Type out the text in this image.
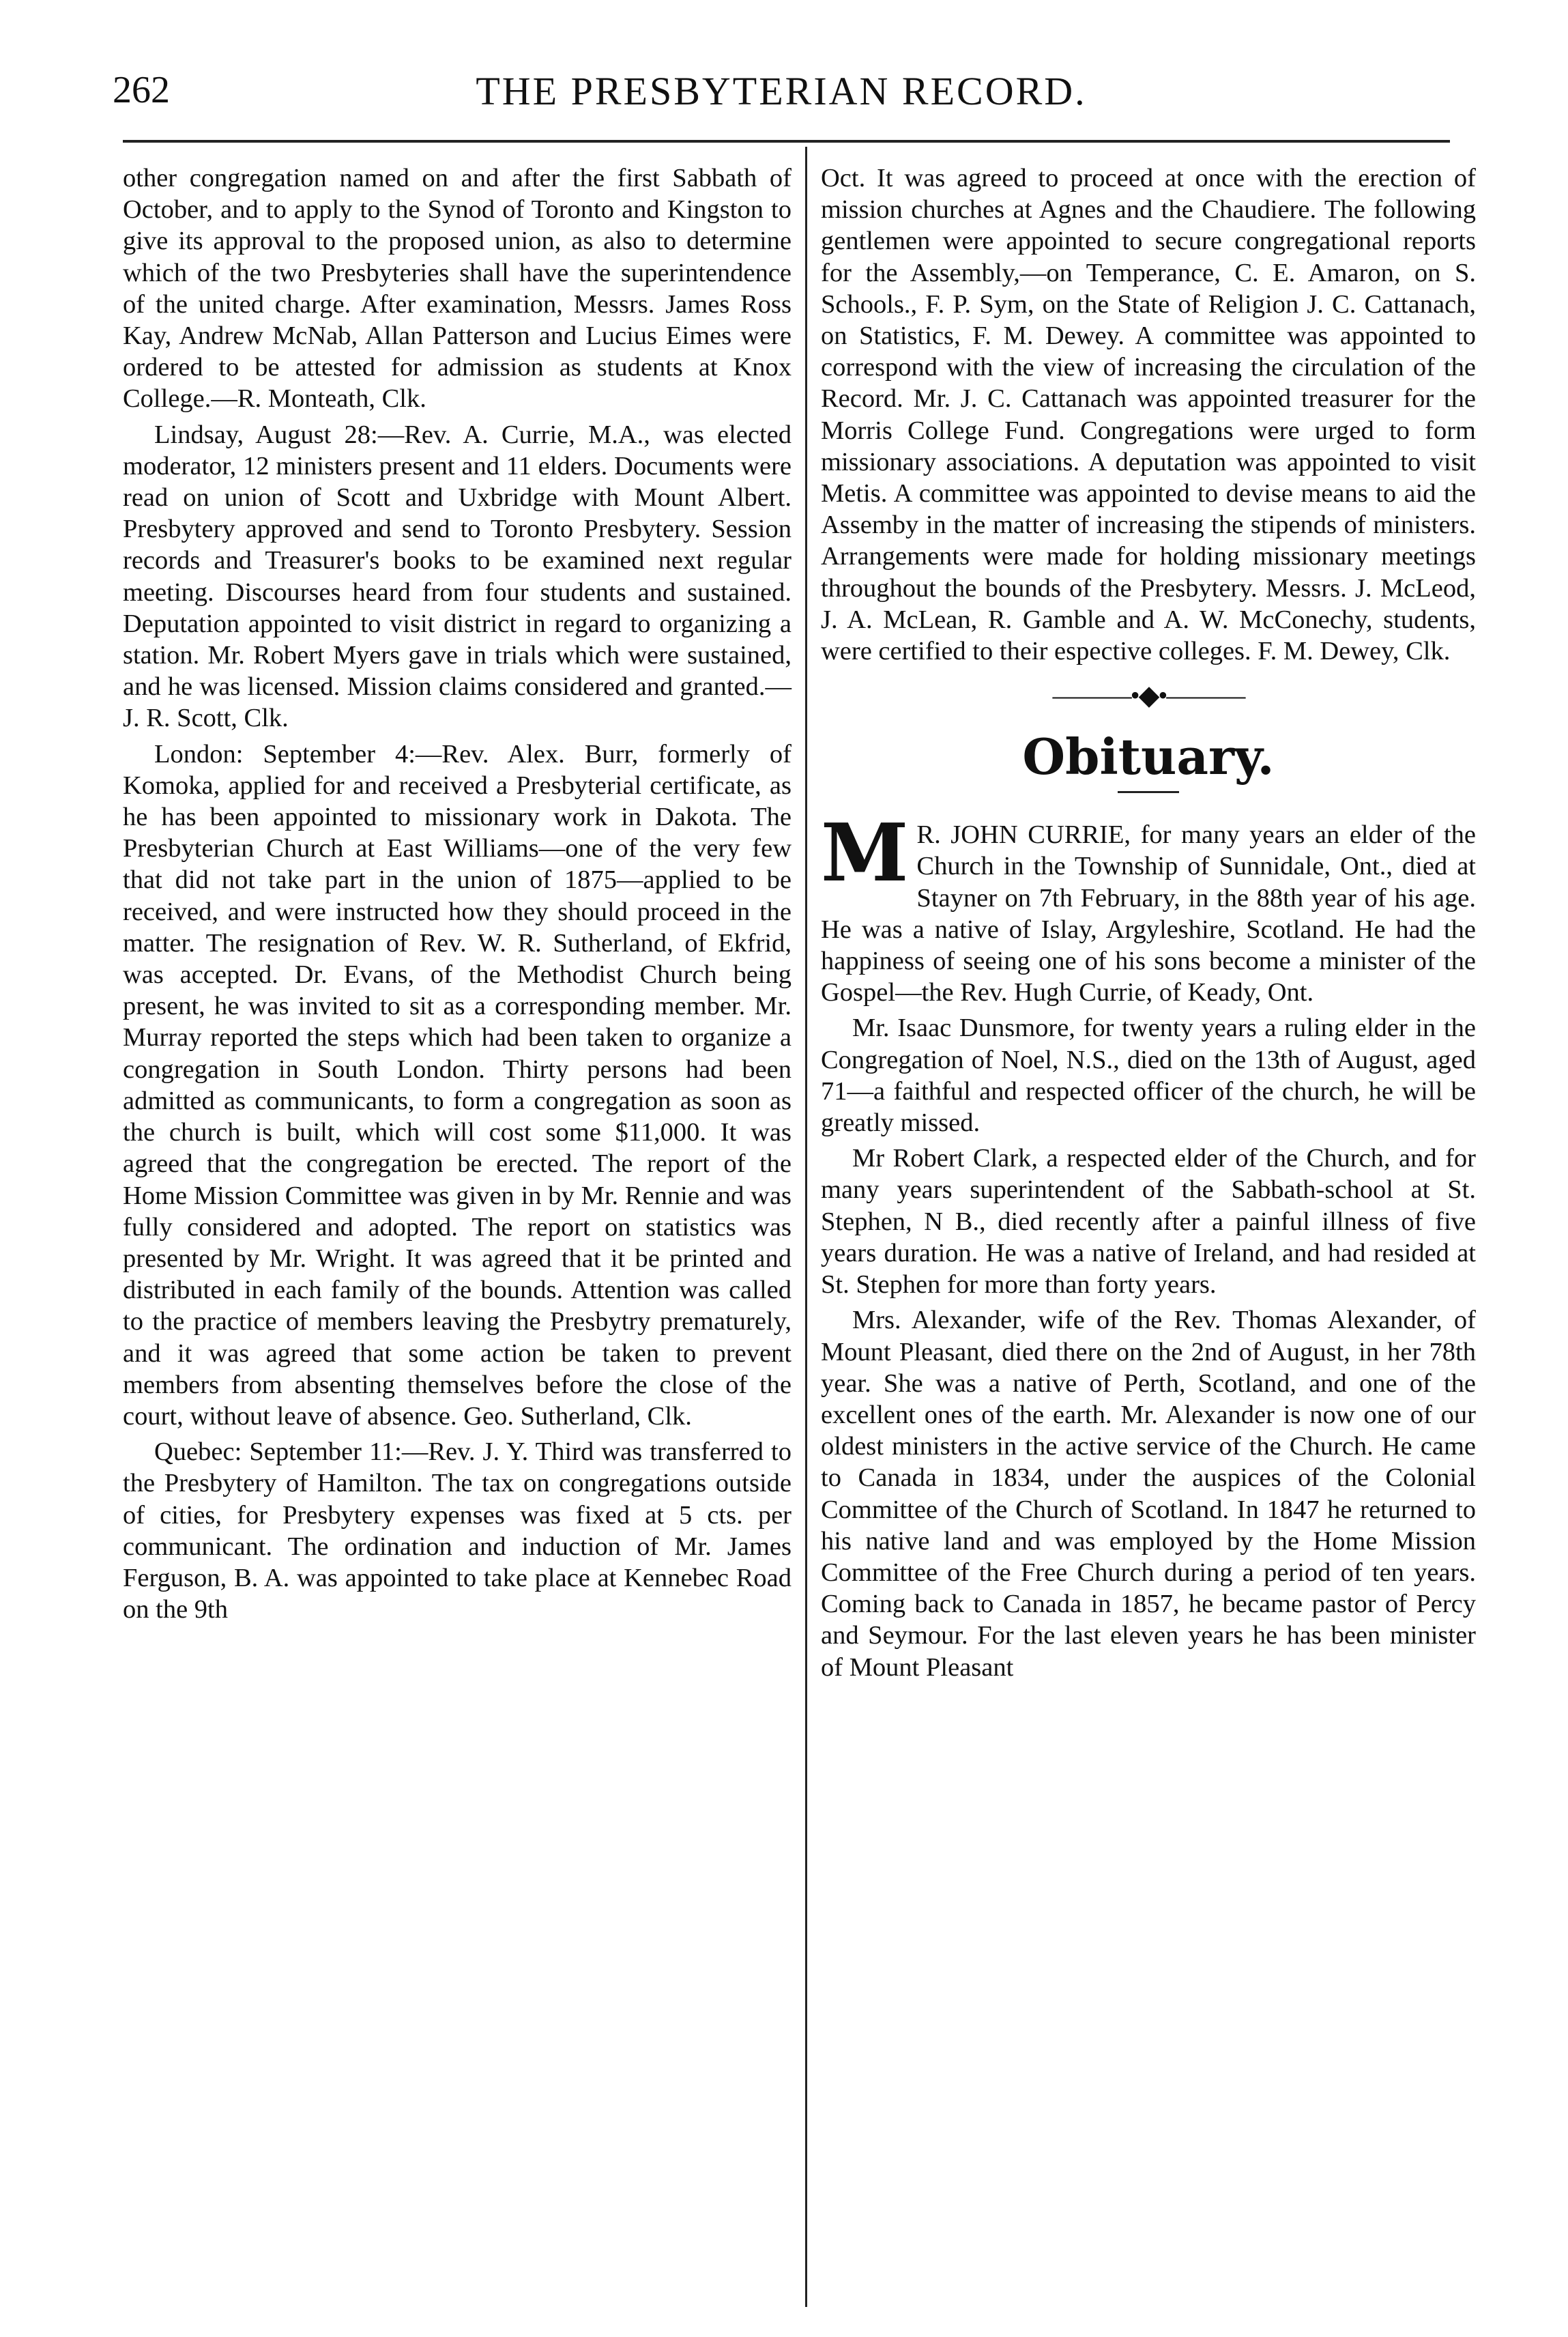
262	THE PRESBYTERIAN RECORD.

other congregation named on and after the first Sabbath of October, and to apply to the Synod of Toronto and Kingston to give its approval to the proposed union, as also to determine which of the two Presbyteries shall have the superintendence of the united charge. After examination, Messrs. James Ross Kay, Andrew McNab, Allan Patterson and Lucius Eimes were ordered to be attested for admission as students at Knox College.—R. Monteath, Clk.

Lindsay, August 28:—Rev. A. Currie, M.A., was elected moderator, 12 ministers present and 11 elders. Documents were read on union of Scott and Uxbridge with Mount Albert. Presbytery approved and send to Toronto Presbytery. Session records and Treasurer's books to be examined next regular meeting. Discourses heard from four students and sustained. Deputation appointed to visit district in regard to organizing a station. Mr. Robert Myers gave in trials which were sustained, and he was licensed. Mission claims considered and granted.—J. R. Scott, Clk.

London: September 4:—Rev. Alex. Burr, formerly of Komoka, applied for and received a Presbyterial certificate, as he has been appointed to missionary work in Dakota. The Presbyterian Church at East Williams—one of the very few that did not take part in the union of 1875—applied to be received, and were instructed how they should proceed in the matter. The resignation of Rev. W. R. Sutherland, of Ekfrid, was accepted. Dr. Evans, of the Methodist Church being present, he was invited to sit as a corresponding member. Mr. Murray reported the steps which had been taken to organize a congregation in South London. Thirty persons had been admitted as communicants, to form a congregation as soon as the church is built, which will cost some $11,000. It was agreed that the congregation be erected. The report of the Home Mission Committee was given in by Mr. Rennie and was fully considered and adopted. The report on statistics was presented by Mr. Wright. It was agreed that it be printed and distributed in each family of the bounds. Attention was called to the practice of members leaving the Presbytry prematurely, and it was agreed that some action be taken to prevent members from absenting themselves before the close of the court, without leave of absence. Geo. Sutherland, Clk.

Quebec: September 11:—Rev. J. Y. Third was transferred to the Presbytery of Hamilton. The tax on congregations outside of cities, for Presbytery expenses was fixed at 5 cts. per communicant. The ordination and induction of Mr. James Ferguson, B. A. was appointed to take place at Kennebec Road on the 9th

Oct. It was agreed to proceed at once with the erection of mission churches at Agnes and the Chaudiere. The following gentlemen were appointed to secure congregational reports for the Assembly,—on Temperance, C. E. Amaron, on S. Schools., F. P. Sym, on the State of Religion J. C. Cattanach, on Statistics, F. M. Dewey. A committee was appointed to correspond with the view of increasing the circulation of the Record. Mr. J. C. Cattanach was appointed treasurer for the Morris College Fund. Congregations were urged to form missionary associations. A deputation was appointed to visit Metis. A committee was appointed to devise means to aid the Assemby in the matter of increasing the stipends of ministers. Arrangements were made for holding missionary meetings throughout the bounds of the Presbytery. Messrs. J. McLeod, J. A. McLean, R. Gamble and A. W. McConechy, students, were certified to their espective colleges. F. M. Dewey, Clk.

———•◆•———
Obituary.

M R. JOHN CURRIE, for many years an elder of the Church in the Township of Sunnidale, Ont., died at Stayner on 7th February, in the 88th year of his age. He was a native of Islay, Argyleshire, Scotland. He had the happiness of seeing one of his sons become a minister of the Gospel—the Rev. Hugh Currie, of Keady, Ont.

Mr. Isaac Dunsmore, for twenty years a ruling elder in the Congregation of Noel, N.S., died on the 13th of August, aged 71—a faithful and respected officer of the church, he will be greatly missed.

Mr Robert Clark, a respected elder of the Church, and for many years superintendent of the Sabbath-school at St. Stephen, N B., died recently after a painful illness of five years duration. He was a native of Ireland, and had resided at St. Stephen for more than forty years.

Mrs. Alexander, wife of the Rev. Thomas Alexander, of Mount Pleasant, died there on the 2nd of August, in her 78th year. She was a native of Perth, Scotland, and one of the excellent ones of the earth. Mr. Alexander is now one of our oldest ministers in the active service of the Church. He came to Canada in 1834, under the auspices of the Colonial Committee of the Church of Scotland. In 1847 he returned to his native land and was employed by the Home Mission Committee of the Free Church during a period of ten years. Coming back to Canada in 1857, he became pastor of Percy and Seymour. For the last eleven years he has been minister of Mount Pleasant
